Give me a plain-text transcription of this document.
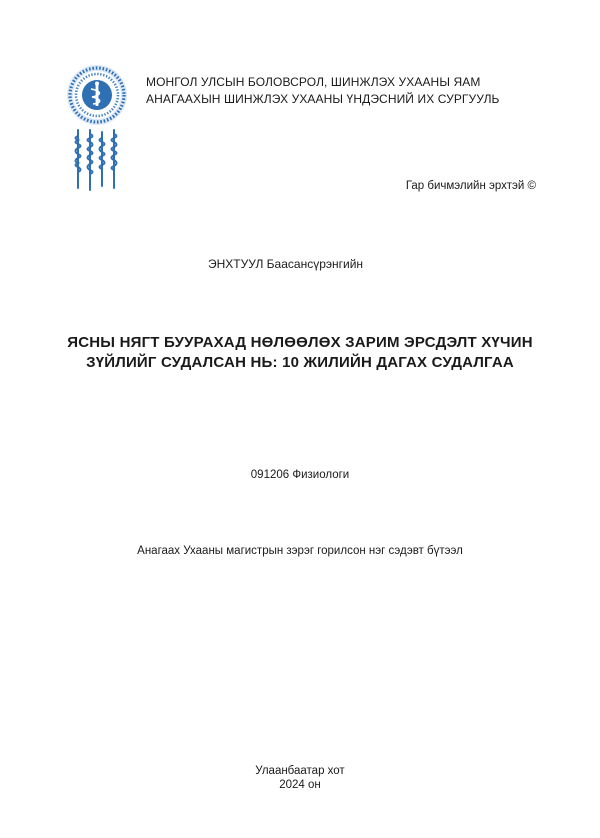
МОНГОЛ УЛСЫН БОЛОВСРОЛ, ШИНЖЛЭХ УХААНЫ ЯАМ
АНАГААХЫН ШИНЖЛЭХ УХААНЫ ҮНДЭСНИЙ ИХ СУРГУУЛЬ
Гар бичмэлийн эрхтэй ©
ЭНХТУУЛ Баасансүрэнгийн
ЯСНЫ НЯГТ БУУРАХАД НӨЛӨӨЛӨХ ЗАРИМ ЭРСДЭЛТ ХҮЧИН
ЗҮЙЛИЙГ СУДАЛСАН НЬ: 10 ЖИЛИЙН ДАГАХ СУДАЛГАА
091206 Физиологи
Анагаах Ухааны магистрын зэрэг горилсон нэг сэдэвт бүтээл
Улаанбаатар хот
2024 он
